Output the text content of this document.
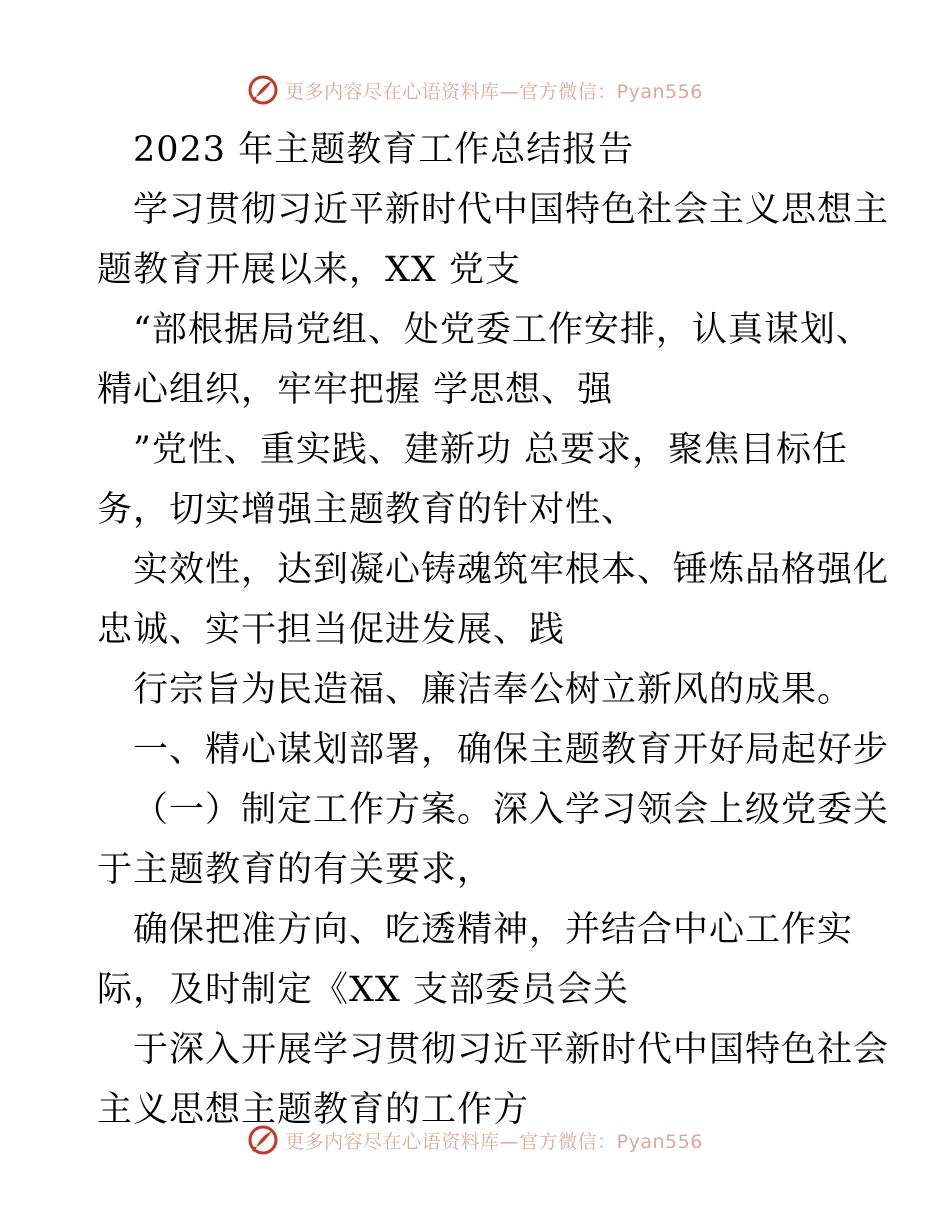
更多内容尽在心语资料库—官方微信：Pyan556
2023 年主题教育工作总结报告
学习贯彻习近平新时代中国特色社会主义思想主
题教育开展以来，XX 党支
“部根据局党组、处党委工作安排，认真谋划、
精心组织，牢牢把握 学思想、强
”党性、重实践、建新功 总要求，聚焦目标任
务，切实增强主题教育的针对性、
实效性，达到凝心铸魂筑牢根本、锤炼品格强化
忠诚、实干担当促进发展、践
行宗旨为民造福、廉洁奉公树立新风的成果。
一、精心谋划部署，确保主题教育开好局起好步
（一）制定工作方案。深入学习领会上级党委关
于主题教育的有关要求，
确保把准方向、吃透精神，并结合中心工作实
际，及时制定《XX 支部委员会关
于深入开展学习贯彻习近平新时代中国特色社会
主义思想主题教育的工作方
更多内容尽在心语资料库—官方微信：Pyan556
